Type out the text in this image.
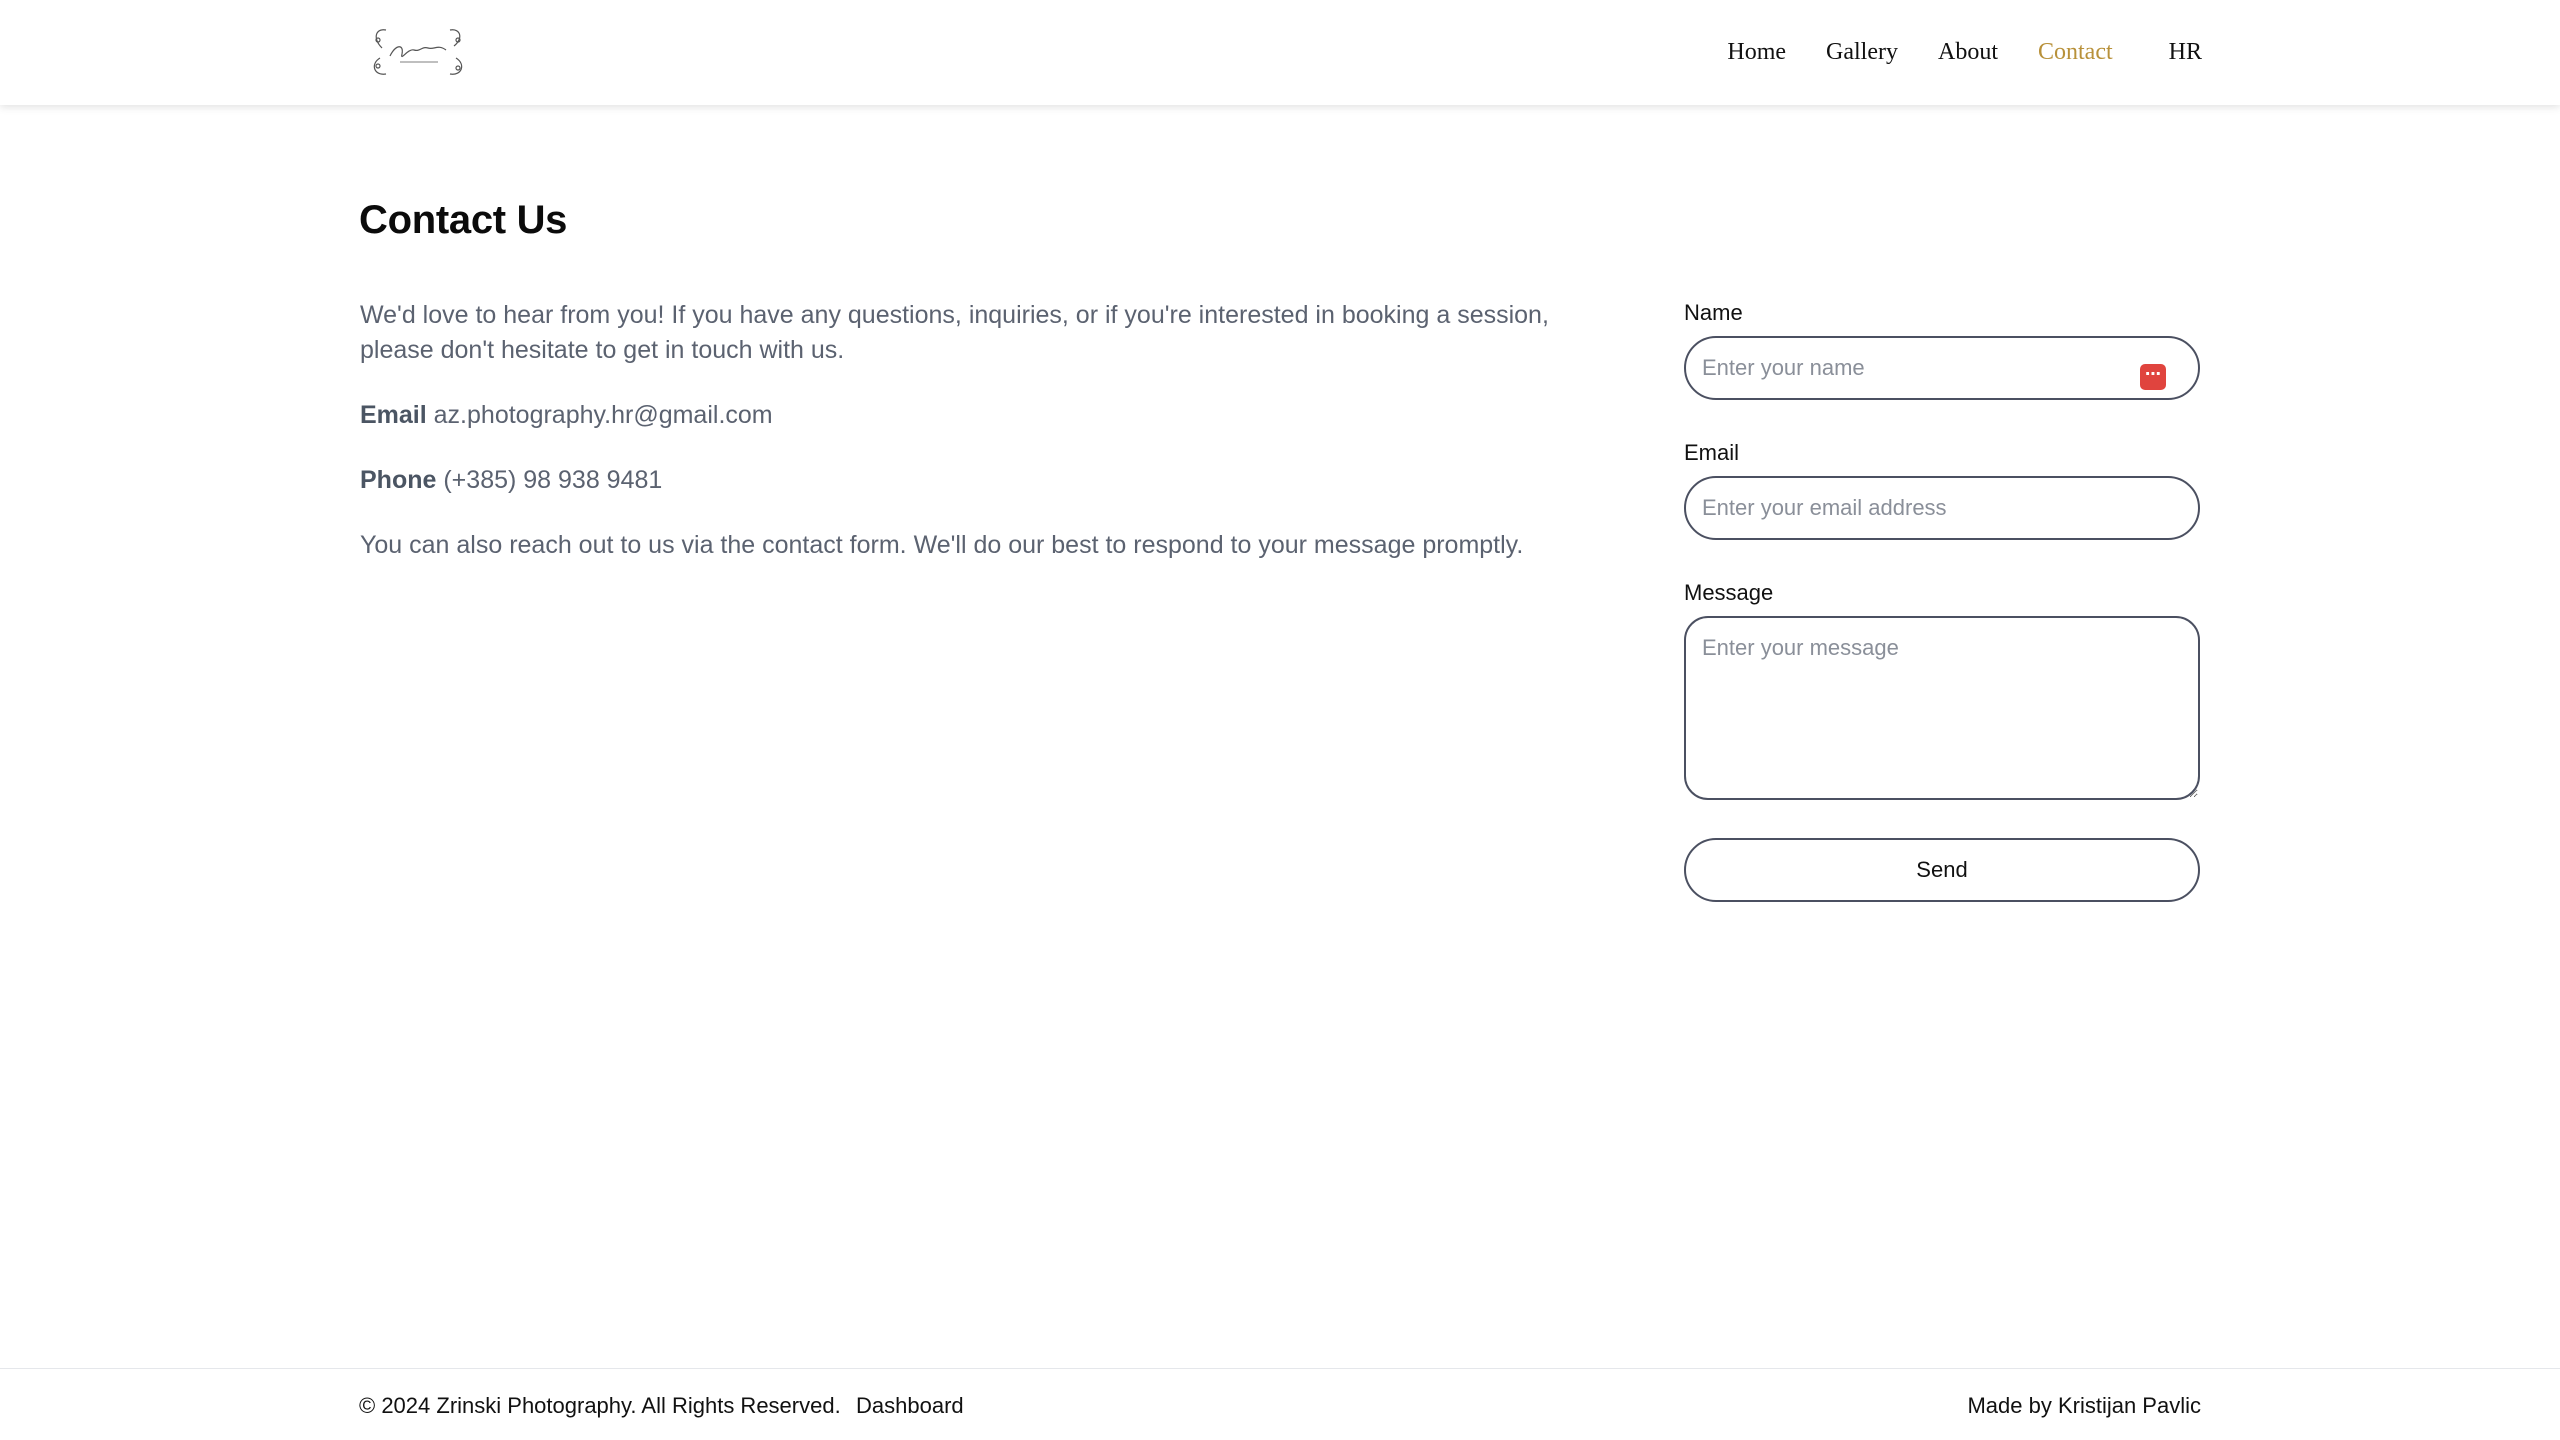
Home Gallery About Contact HR
Contact Us

We'd love to hear from you! If you have any questions, inquiries, or if you're interested in booking a session, please don't hesitate to get in touch with us.

Email az.photography.hr@gmail.com

Phone (+385) 98 938 9481

You can also reach out to us via the contact form. We'll do our best to respond to your message promptly.

Name
Enter your name
⋯
Email
Enter your email address
Message
Enter your message
Send
© 2024 Zrinski Photography. All Rights Reserved. Dashboard	Made by Kristijan Pavlic
